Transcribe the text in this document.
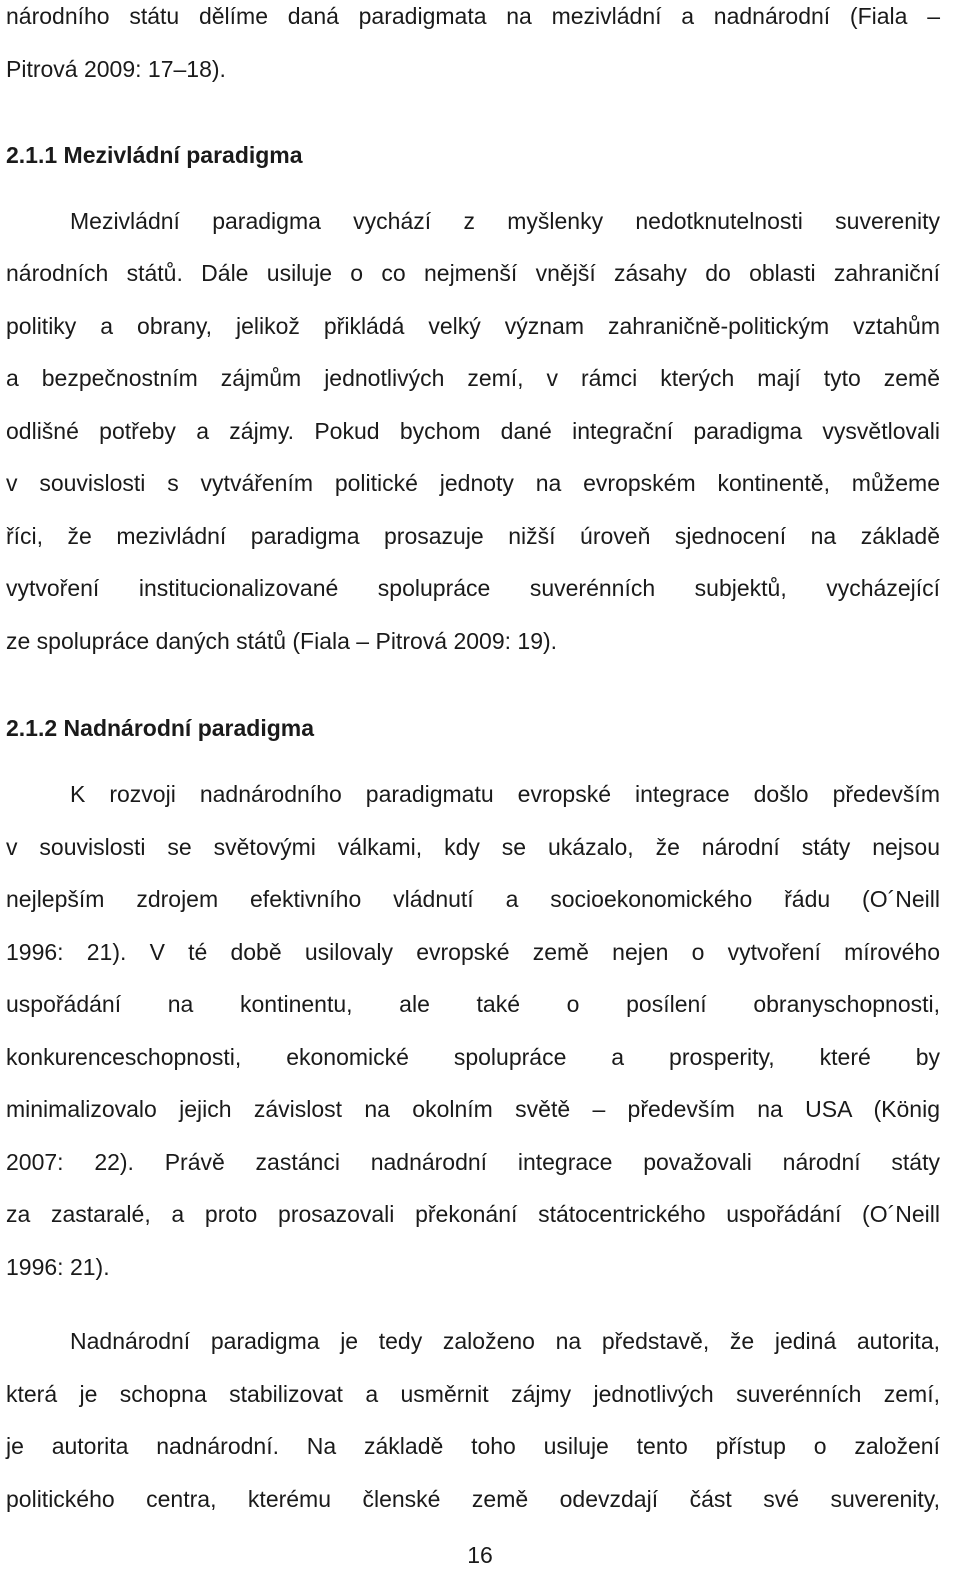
národního státu dělíme daná paradigmata na mezivládní a nadnárodní (Fiala –
Pitrová 2009: 17–18).
2.1.1 Mezivládní paradigma
Mezivládní paradigma vychází z myšlenky nedotknutelnosti suverenity
národních států. Dále usiluje o co nejmenší vnější zásahy do oblasti zahraniční
politiky a obrany, jelikož přikládá velký význam zahraničně-politickým vztahům
a bezpečnostním zájmům jednotlivých zemí, v rámci kterých mají tyto země
odlišné potřeby a zájmy. Pokud bychom dané integrační paradigma vysvětlovali
v souvislosti s vytvářením politické jednoty na evropském kontinentě, můžeme
říci, že mezivládní paradigma prosazuje nižší úroveň sjednocení na základě
vytvoření institucionalizované spolupráce suverénních subjektů, vycházející
ze spolupráce daných států (Fiala – Pitrová 2009: 19).
2.1.2 Nadnárodní paradigma
K rozvoji nadnárodního paradigmatu evropské integrace došlo především
v souvislosti se světovými válkami, kdy se ukázalo, že národní státy nejsou
nejlepším zdrojem efektivního vládnutí a socioekonomického řádu (O´Neill
1996: 21). V té době usilovaly evropské země nejen o vytvoření mírového
uspořádání na kontinentu, ale také o posílení obranyschopnosti,
konkurenceschopnosti, ekonomické spolupráce a prosperity, které by
minimalizovalo jejich závislost na okolním světě – především na USA (König
2007: 22). Právě zastánci nadnárodní integrace považovali národní státy
za zastaralé, a proto prosazovali překonání státocentrického uspořádání (O´Neill
1996: 21).
Nadnárodní paradigma je tedy založeno na představě, že jediná autorita,
která je schopna stabilizovat a usměrnit zájmy jednotlivých suverénních zemí,
je autorita nadnárodní. Na základě toho usiluje tento přístup o založení
politického centra, kterému členské země odevzdají část své suverenity,
16
